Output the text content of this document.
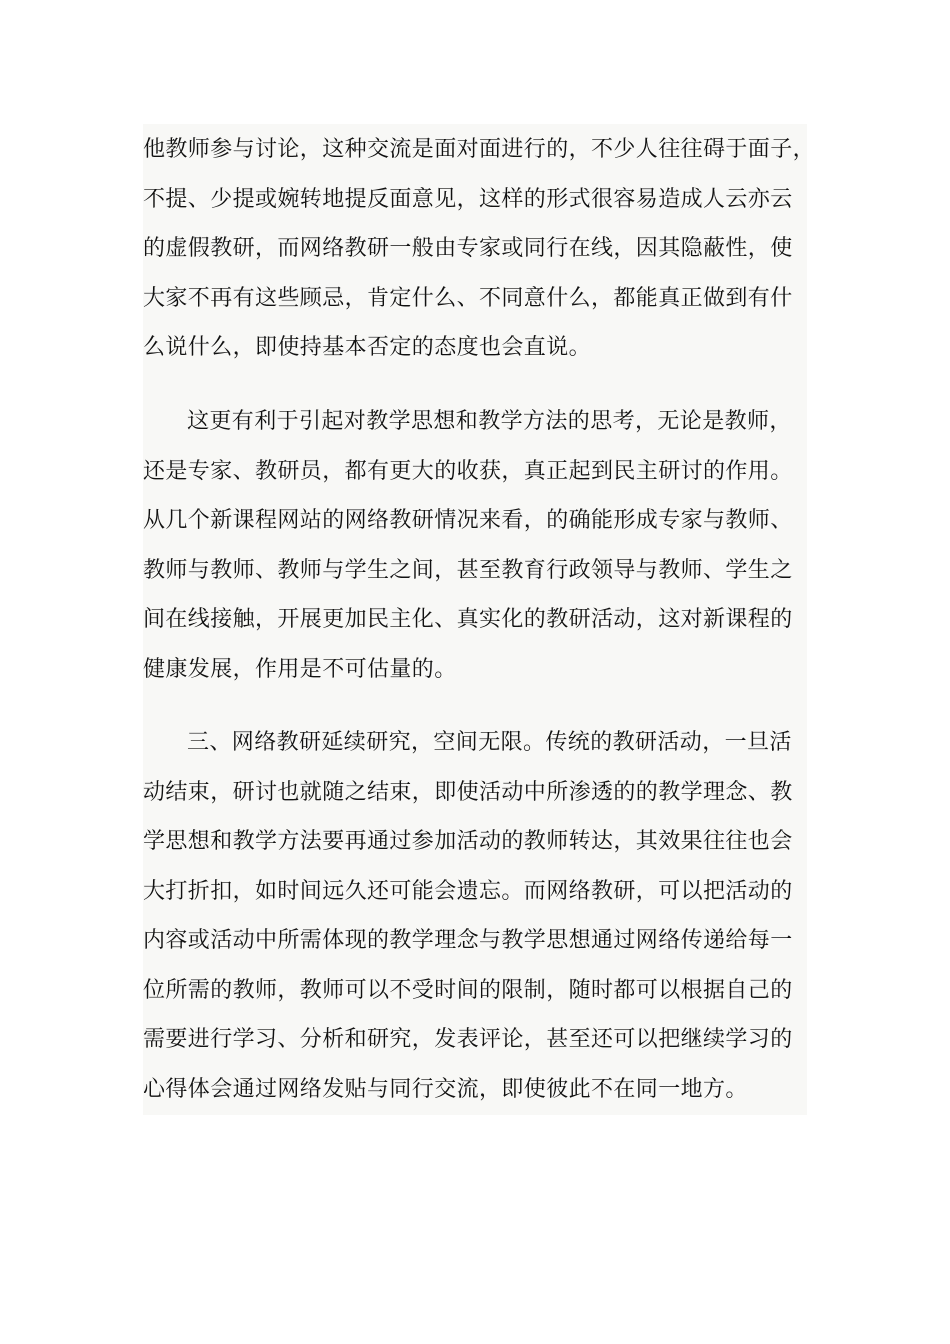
他教师参与讨论，这种交流是面对面进行的，不少人往往碍于面子，
不提、少提或婉转地提反面意见，这样的形式很容易造成人云亦云
的虚假教研，而网络教研一般由专家或同行在线，因其隐蔽性，使
大家不再有这些顾忌，肯定什么、不同意什么，都能真正做到有什
么说什么，即使持基本否定的态度也会直说。
这更有利于引起对教学思想和教学方法的思考，无论是教师，
还是专家、教研员，都有更大的收获，真正起到民主研讨的作用。
从几个新课程网站的网络教研情况来看，的确能形成专家与教师、
教师与教师、教师与学生之间，甚至教育行政领导与教师、学生之
间在线接触，开展更加民主化、真实化的教研活动，这对新课程的
健康发展，作用是不可估量的。
三、网络教研延续研究，空间无限。传统的教研活动，一旦活
动结束，研讨也就随之结束，即使活动中所渗透的的教学理念、教
学思想和教学方法要再通过参加活动的教师转达，其效果往往也会
大打折扣，如时间远久还可能会遗忘。而网络教研，可以把活动的
内容或活动中所需体现的教学理念与教学思想通过网络传递给每一
位所需的教师，教师可以不受时间的限制，随时都可以根据自己的
需要进行学习、分析和研究，发表评论，甚至还可以把继续学习的
心得体会通过网络发贴与同行交流，即使彼此不在同一地方。
